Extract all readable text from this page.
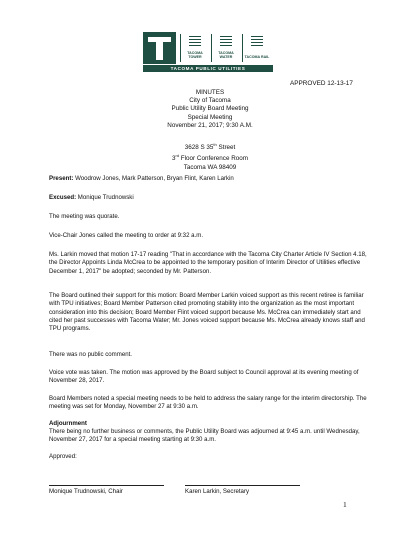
TACOMA TOWER
TACOMA WATER	TACOMA RAIL
TACOMA PUBLIC UTILITIES
APPROVED 12-13-17
MINUTES
City of Tacoma
Public Utility Board Meeting
Special Meeting
November 21, 2017; 9:30 A.M.
3628 S 35th Street
3rd Floor Conference Room
Tacoma WA 98409
Present: Woodrow Jones, Mark Patterson, Bryan Flint, Karen Larkin
Excused: Monique Trudnowski

The meeting was quorate.

Vice-Chair Jones called the meeting to order at 9:32 a.m.

Ms. Larkin moved that motion 17-17 reading "That in accordance with the Tacoma City Charter Article IV Section 4.18, the Director Appoints Linda McCrea to be appointed to the temporary position of Interim Director of Utilities effective December 1, 2017" be adopted; seconded by Mr. Patterson.

The Board outlined their support for this motion: Board Member Larkin voiced support as this recent retiree is familiar with TPU initiatives; Board Member Patterson cited promoting stability into the organization as the most important consideration into this decision; Board Member Flint voiced support because Ms. McCrea can immediately start and cited her past successes with Tacoma Water; Mr. Jones voiced support because Ms. McCrea already knows staff and TPU programs.

There was no public comment.

Voice vote was taken. The motion was approved by the Board subject to Council approval at its evening meeting of November 28, 2017.

Board Members noted a special meeting needs to be held to address the salary range for the interim directorship. The meeting was set for Monday, November 27 at 9:30 a.m.

Adjournment

There being no further business or comments, the Public Utility Board was adjourned at 9:45 a.m. until Wednesday, November 27, 2017 for a special meeting starting at 9:30 a.m.

Approved:
Monique Trudnowski, Chair	Karen Larkin, Secretary
1
